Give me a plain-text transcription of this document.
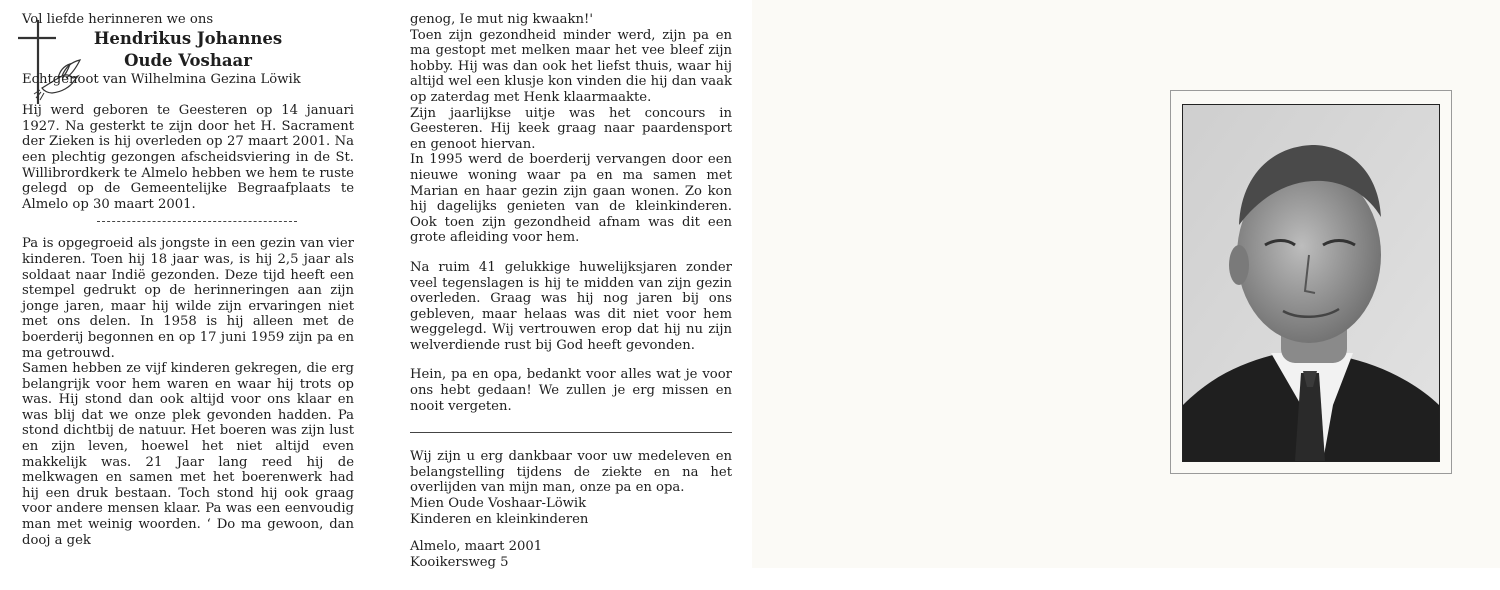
Vol liefde herinneren we ons

Hendrikus Johannes

Oude Voshaar

Echtgenoot van Wilhelmina Gezina Löwik

Hij werd geboren te Geesteren op 14 januari 1927. Na gesterkt te zijn door het H. Sacrament der Zieken is hij overleden op 27 maart 2001. Na een plechtig gezongen afscheidsviering in de St. Willibrordkerk te Almelo hebben we hem te ruste gelegd op de Gemeentelijke Begraafplaats te Almelo op 30 maart 2001.

Pa is opgegroeid als jongste in een gezin van vier kinderen. Toen hij 18 jaar was, is hij 2,5 jaar als soldaat naar Indië gezonden. Deze tijd heeft een stempel gedrukt op de herinneringen aan zijn jonge jaren, maar hij wilde zijn ervaringen niet met ons delen. In 1958 is hij alleen met de boerderij begonnen en op 17 juni 1959 zijn pa en ma getrouwd.

Samen hebben ze vijf kinderen gekregen, die erg belangrijk voor hem waren en waar hij trots op was. Hij stond dan ook altijd voor ons klaar en was blij dat we onze plek gevonden hadden. Pa stond dichtbij de natuur. Het boeren was zijn lust en zijn leven, hoewel het niet altijd even makkelijk was. 21 Jaar lang reed hij de melkwagen en samen met het boerenwerk had hij een druk bestaan. Toch stond hij ook graag voor andere mensen klaar. Pa was een eenvoudig man met weinig woorden. ‘ Do ma gewoon, dan dooj a gek

genog, Ie mut nig kwaakn!'

Toen zijn gezondheid minder werd, zijn pa en ma gestopt met melken maar het vee bleef zijn hobby. Hij was dan ook het liefst thuis, waar hij altijd wel een klusje kon vinden die hij dan vaak op zaterdag met Henk klaarmaakte.

Zijn jaarlijkse uitje was het concours in Geesteren. Hij keek graag naar paardensport en genoot hiervan.

In 1995 werd de boerderij vervangen door een nieuwe woning waar pa en ma samen met Marian en haar gezin zijn gaan wonen. Zo kon hij dagelijks genieten van de kleinkinderen. Ook toen zijn gezondheid afnam was dit een grote afleiding voor hem.

Na ruim 41 gelukkige huwelijksjaren zonder veel tegenslagen is hij te midden van zijn gezin overleden. Graag was hij nog jaren bij ons gebleven, maar helaas was dit niet voor hem weggelegd. Wij vertrouwen erop dat hij nu zijn welverdiende rust bij God heeft gevonden.

Hein, pa en opa, bedankt voor alles wat je voor ons hebt gedaan! We zullen je erg missen en nooit vergeten.

Wij zijn u erg dankbaar voor uw medeleven en belangstelling tijdens de ziekte en na het overlijden van mijn man, onze pa en opa.

Mien Oude Voshaar-Löwik

Kinderen en kleinkinderen

Almelo, maart 2001

Kooikersweg 5
